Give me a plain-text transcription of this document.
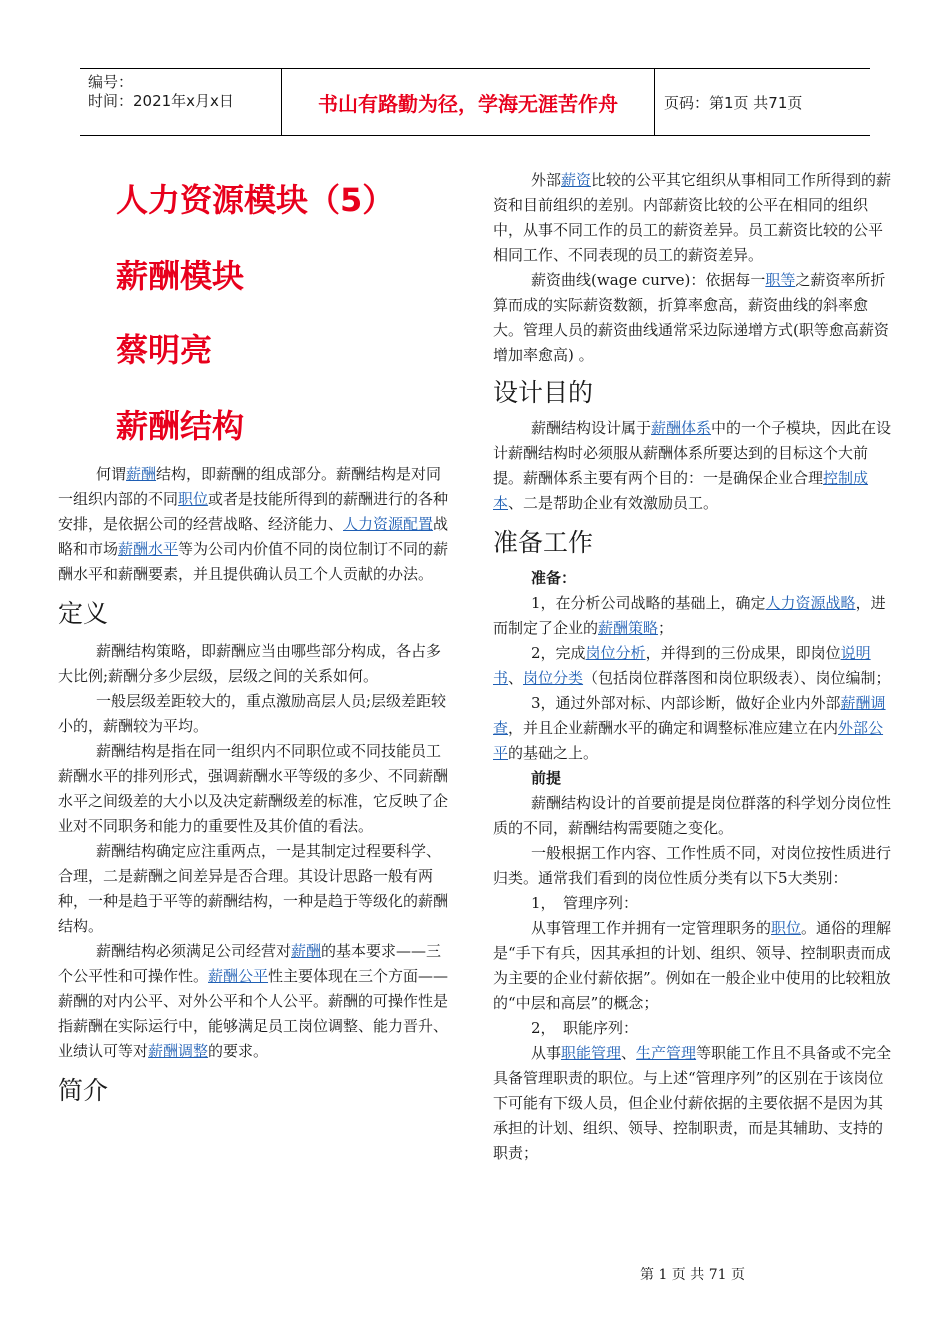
编号：
时间：2021年x月x日	书山有路勤为径，学海无涯苦作舟	页码：第1页 共71页
人力资源模块（5）
薪酬模块
蔡明亮
薪酬结构

何谓薪酬结构，即薪酬的组成部分。薪酬结构是对同一组织内部的不同职位或者是技能所得到的薪酬进行的各种安排，是依据公司的经营战略、经济能力、人力资源配置战略和市场薪酬水平等为公司内价值不同的岗位制订不同的薪酬水平和薪酬要素，并且提供确认员工个人贡献的办法。

定义

薪酬结构策略，即薪酬应当由哪些部分构成，各占多大比例;薪酬分多少层级，层级之间的关系如何。

一般层级差距较大的，重点激励高层人员;层级差距较小的，薪酬较为平均。

薪酬结构是指在同一组织内不同职位或不同技能员工薪酬水平的排列形式，强调薪酬水平等级的多少、不同薪酬水平之间级差的大小以及决定薪酬级差的标准，它反映了企业对不同职务和能力的重要性及其价值的看法。

薪酬结构确定应注重两点，一是其制定过程要科学、合理，二是薪酬之间差异是否合理。其设计思路一般有两种，一种是趋于平等的薪酬结构，一种是趋于等级化的薪酬结构。

薪酬结构必须满足公司经营对薪酬的基本要求——三个公平性和可操作性。薪酬公平性主要体现在三个方面——薪酬的对内公平、对外公平和个人公平。薪酬的可操作性是指薪酬在实际运行中，能够满足员工岗位调整、能力晋升、业绩认可等对薪酬调整的要求。

简介

外部薪资比较的公平其它组织从事相同工作所得到的薪资和目前组织的差别。内部薪资比较的公平在相同的组织中，从事不同工作的员工的薪资差异。员工薪资比较的公平相同工作、不同表现的员工的薪资差异。

薪资曲线(wage curve)：依据每一职等之薪资率所折算而成的实际薪资数额，折算率愈高，薪资曲线的斜率愈大。管理人员的薪资曲线通常采边际递增方式(职等愈高薪资增加率愈高) 。

设计目的

薪酬结构设计属于薪酬体系中的一个子模块，因此在设计薪酬结构时必须服从薪酬体系所要达到的目标这个大前提。薪酬体系主要有两个目的：一是确保企业合理控制成本、二是帮助企业有效激励员工。

准备工作

准备：

1，在分析公司战略的基础上，确定人力资源战略，进而制定了企业的薪酬策略；

2，完成岗位分析，并得到的三份成果，即岗位说明书、岗位分类（包括岗位群落图和岗位职级表）、岗位编制；

3，通过外部对标、内部诊断，做好企业内外部薪酬调查，并且企业薪酬水平的确定和调整标准应建立在内外部公平的基础之上。

前提

薪酬结构设计的首要前提是岗位群落的科学划分岗位性质的不同，薪酬结构需要随之变化。

一般根据工作内容、工作性质不同，对岗位按性质进行归类。通常我们看到的岗位性质分类有以下5大类别：

1，　管理序列：

从事管理工作并拥有一定管理职务的职位。通俗的理解是“手下有兵，因其承担的计划、组织、领导、控制职责而成为主要的企业付薪依据”。例如在一般企业中使用的比较粗放的“中层和高层”的概念；

2，　职能序列：

从事职能管理、生产管理等职能工作且不具备或不完全具备管理职责的职位。与上述“管理序列”的区别在于该岗位下可能有下级人员，但企业付薪依据的主要依据不是因为其承担的计划、组织、领导、控制职责，而是其辅助、支持的职责；

第 1 页 共 71 页
